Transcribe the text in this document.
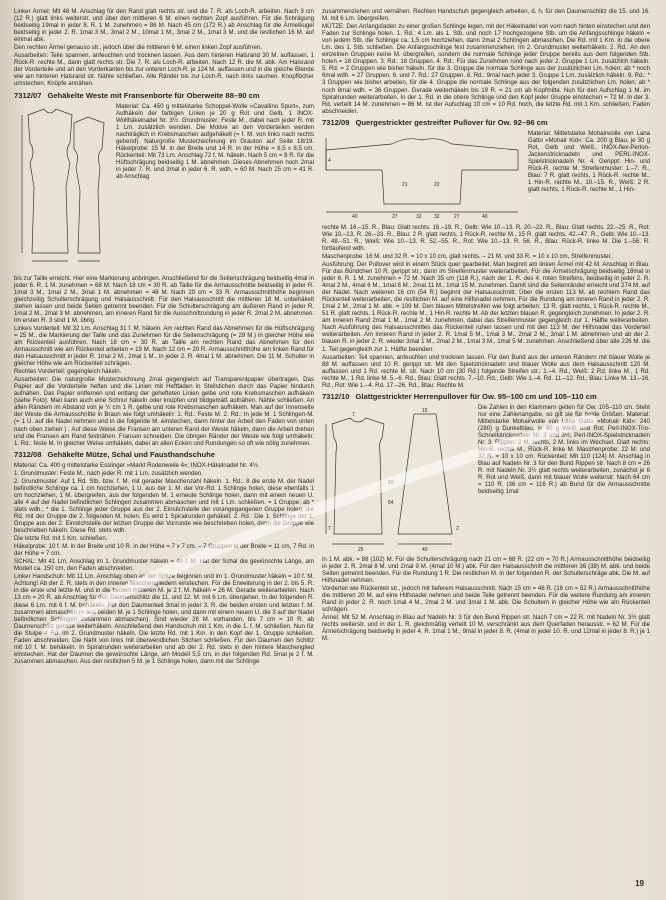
Linker Ärmel: Mit 48 M. Anschlag für den Rand glatt rechts str. und die 7. R. als Loch-R. arbeiten. Nach 3 cm (12 R.) glatt links weiterstr. und über den mittleren 6 M. einen rechten Zopf ausführen. Für die Schrägung beidseitig 19mal in jeder 8. R. 1 M. zunehmen = 86 M. Nach 45 cm (172 R.) ab Anschlag für die Ärmelkugel beidseitig in jeder 2. R. 1mal 3 M., 3mal 2 M., 10mal 1 M., 3mal 2 M., 1mal 3 M. und die restlichen 16 M. auf einmal abk.

Den rechten Ärmel genauso str., jedoch über die mittleren 6 M. einen linken Zopf ausführen.

Ausarbeiten: Teile spannen, anfeuchten und trocknen lassen. Aus dem hinteren Halsrand 30 M. auffassen, 1 Rück-R. rechte M., dann glatt rechts str. Die 7. R. als Loch-R. arbeiten. Nach 12 R. die M. abk. Am Halsrand der Vorderteile und an den Vorderkanten bis zur unteren Loch-R. je 124 M. auffassen und in die gleiche Blende wie am hinteren Halsrand str. Nähte schließen. Alle Ränder bis zur Loch-R. nach links saumen. Knopflöcher umstechen. Knöpfe annähen.

7312/07 Gehäkelte Weste mit Fransenborte für Oberweite 88–90 cm
Material: Ca. 450 g mittelstarke Schoppel-Wolle »Cavallino Sport«, zum Aufhäkeln der farbigen Linien je 20 g Rot und Gelb, 1 INOX-Wollhäkelnadel Nr. 3½. Grundmuster: Feste M., dabei nach jeder R. mit 1 Lm. zusätzlich wenden. Die Motive an den Vorderteilen werden nachträglich in Krebsmaschen aufgehäkelt (= f. M. von links nach rechts gehend). Naturgroße Musterzeichnung im Grauton auf Seite 18/19. Häkelprobe: 15 M. in der Breite und 14 R. in der Höhe = 8,5 x 8,5 cm. Rückenteil: Mit 73 Lm. Anschlag 72 f. M. häkeln. Nach 5 cm = 8 R. für die Hüftschrägung beidseitig 1 M. abnehmen. Dieses Abnehmen noch 2mal in jeder 7. R. und 3mal in jeder 6. R. wdh. = 60 M. Nach 25 cm = 41 R. ab Anschlag

bis zur Taille erreicht. Hier eine Markierung anbringen. Anschließend für die Seitenschrägung beidseitig 4mal in jeder 6. R. 1 M. zunehmen = 68 M. Nach 18 cm = 30 R. ab Taille für die Armausschnitte beidseitig in jeder R. 1mal 3 M., 1mal 2 M., 3mal 1 M. abnehmen = 48 M. Nach 20 cm = 33 R. Armausschnitthöhe beginnen gleichzeitig Schulterschrägung und Halsausschnitt. Für den Halsausschnitt die mittleren 18 M. unbehäkelt stehen lassen und beide Seiten getrennt beenden. Für die Schulterschrägung am äußeren Rand in jeder R. 1mal 2 M., 2mal 3 M. abnehmen, am inneren Rand für die Ausschnittrundung in jeder R. 2mal 2 M. abnehmen. Im ersten R. 3 sind 1 M. übrig.

Linkes Vorderteil: Mit 32 Lm. Anschlag 31 f. M. häkeln. Am rechten Rand das Abnehmen für die Hüftschrägung = 25 M., die Markierung der Taille und das Zunehmen für die Seitenschrägung (= 29 M.) in gleicher Höhe wie am Rückenteil ausführen. Nach 18 cm = 30 R. ab Taille am rechten Rand das Abnehmen für den Armausschnitt wie am Rückenteil arbeiten = 19 M. Nach 12 cm = 20 R. Armausschnitthöhe am linken Rand für den Halsausschnitt in jeder R. 1mal 2 M., 2mal 1 M., in jeder 2. R. 4mal 1 M. abnehmen. Die 11 M. Schulter in gleicher Höhe wie am Rückenteil schrägen.

Rechtes Vorderteil: gegengleich häkeln.

Ausarbeiten: Die naturgroße Musterzeichnung 2mal gegengleich auf Transparentpapier übertragen. Das Papier auf die Vorderteile heften und die Linien mit Heftfaden in Steilstichen durch das Papier hindurch aufnähen. Das Papier entfernen und entlang der gehefteten Linien gelbe und rote Krebsmaschen aufhäkeln (siehe Foto). Man kann auch eine Schnur häkeln oder knüpfen und bildgemäß aufnähen. Nähte schließen. An allen Rändern im Abstand von je ½ cm 1 R. gelbe und rote Krebsmaschen aufhäkeln. Man auf der Innenseite der Weste die Armausschnitte in Braun wie folgt umhäkeln: 1. Rd.: Feste M. 2. Rd.: In jede M. 1 Schlingen-M. (= 1 U. auf die Nadel nehmen und in die folgende M. einstechen, dann hinter der Arbeit den Faden von unten nach oben ziehen ) . Auf diese Weise die Fransen am unteren Rand der Weste häkeln, dann die Arbeit drehen und die Fransen am Rand festnähen. Fransen schneiden. Die übrigen Ränder der Weste wie folgt umhäkeln: 1. Rd.: feste M. In gleicher Weise umhäkeln, dabei an allen Ecken und Rundungen so oft wie nötig zunehmen.

7312/08 Gehäkelte Mütze, Schal und Fausthandschuhe

Material: Ca. 400 g mittelstarke Esslinger »Markt Rodenweile 4«; INOX-Häkelnadel Nr. 4½.

1. Grundmuster: Feste M., nach jeder R. mit 1 Lm. zusätzlich wenden.

2. Grundmuster: Auf 1 Rd. Stb. bzw. f. M. mit gerader Maschenzahl häkeln. 1. Rd.: 8 die erste M. der Nadel befindliche Schlinge ca. 1 cm hochziehen, 1 U. aus der 1. M. der Vor-Rd. 1 Schlinge holen, diese ebenfalls 1 cm hochziehen, 1 M. übergreifen, aus der folgenden M. 1 erneute Schlinge holen, dann mit einem neuen U. alle 4 auf der Nadel befindlichen Schlingen zusammen abmaschen und mit 1 Lm. schließen. = 1 Gruppe; ab * stets wdh., * die 1. Schlinge jeder Gruppe aus der 2. Einstichstelle der vorangegangenen Gruppe holen, die Rd. mit der Gruppe die 2. folgenden M. holen. Es wird 1 Spiralrunden gehäkelt. 2. Rd.: Die 1. Schlinge der 1. Gruppe aus der 2. Einstichstelle der letzten Gruppe der Vorrunde wie beschrieben holen, dann die Gruppe wie beschrieben häkeln. Diese Rd. stets wdh.

Die letzte Rd. mit 1 Km. schließen.

Häkelprobe: 10 f. M. in der Breite und 10 R. in der Höhe = 7 x 7 cm. – 7 Gruppen in der Breite = 11 cm, 7 Rd. in der Höhe = 7 cm.

SCHAL: Mit 41 Lm. Anschlag im 1. Grundmuster häkeln = 40 f. M. Hat der Schal die gewünschte Länge, am Modell ca. 150 cm, den Faden abschneiden.

Linker Handschuh: Mit 11 Lm. Anschlag oben an der Spitze beginnen und im 1. Grundmuster häkeln = 10 f. M. Achtung! Ab der 2. R. stets in den inneren Maschengliedern einstechen. Für die Erweiterung in der 2. bis 5. R. in die erste und letzte M. und in die beiden mittleren M. je 2 f. M. häkeln = 26 M. Gerade weiterarbeiten. Nach 13 cm = 20 R. ab Anschlag für den Daumenschlitz die 11. und 12. M. mit 6 Lm. übergehen. In der folgenden R. diese 6 Lm. mit 6 f. M. behäkeln. Für den Daumenkeil 3mal in jeder 3. R. die beiden ersten und letzten f. M. zusammen abmaschen (= aus beiden M. je 1 Schlinge holen, und dann mit einem neuen U. die 3 auf der Nadel befindlichen Schlingen zusammen abmaschen). Sind wieder 26 M. vorhanden, bis 7 cm = 10 R. ab Daumenschlitz gerade weiterhäkeln. Anschließend den Handschuh mit 1 Km. in die 1. f. M. schließen. Nun für die Stulpe 4 Rd. im 2. Grundmuster häkeln. Die letzte Rd. mit 1 Km. in den Kopf der 1. Gruppe schließen. Faden abschneiden. Die Naht von links mit überwendlichen Stichen schließen. Für den Daumen den Schlitz mit 10 f. M. behäkeln. In Spiralrunden weiterarbeiten und ab der 2. Rd. stets in den hintere Maschenglied einstechen. Hat der Daumen die gewünschte Länge, am Modell 5,5 cm, in der folgenden Rd. 5mal je 2 f. M. zusammen abmaschen. Aus den restlichen 5 M. je 1 Schlinge holen, dann mit der Schlinge

zusammenziehen und vernähen. Rechten Handschuh gegengleich arbeiten, d. h. für den Daumenschlitz die 15. und 16. M. mit 6 Lm. übergreifen.

MÜTZE: Den Anfangsfaden zu einer großen Schlinge legen, mit der Häkelnadel von vorn nach hinten einstechen und den Faden zur Schlinge holen. 1. Rd.: 4 Lm. als 1. Stb. und noch 17 hochgezogene Stb. um die Anfangsschlinge häkeln = von jedem Stb. die Schlinge ca. 1,5 cm hochziehen, dann 2mal 2 Schlingen abmaschen. Die Rd. mit 1 Km. in die obere Lm. des 1. Stb. schließen. Die Anfangsschlinge fest zusammenziehen. Im 2. Grundmuster weiterhäkeln. 2. Rd.: An den einzelnen Gruppen keine M. übergreifen, sondern die normale Schlinge jeder Gruppe bereits aus dem folgenden Stb. holen = 18 Gruppen. 3. Rd.: 18 Gruppen. 4. Rd.: Für das Zunehmen rund nach jeder 2. Gruppe 1 Lm. zusätzlich häkeln. 5. Rd. = 2 Gruppen wie bisher häkeln, für die 3. Gruppe die normale Schlinge aus der zusätzlichen Lm. holen; ab * noch 6mal wdh. = 27 Gruppen. 6. und 7. Rd.: 27 Gruppen. 8. Rd.: 9mal nach jeder 3. Gruppe 1 Lm. zusätzlich häkeln. 9. Rd.: * 3 Gruppen wie bisher arbeiten, für die 4. Gruppe die normale Schlinge aus der folgenden zusätzlichen Lm. holen; ab * noch 8mal wdh. = 36 Gruppen. Gerade weiterhäkeln bis 19 R. = 21 cm ab Kopfmitte. Nun für den Aufschlag 1 M. im Spiralrunden weiterarbeiten. In der 1. Rd. in die obere Schlinge und den Kopf jeder Gruppe einstechen = 72 M. In der 3. Rd. verteilt 14 M. zunehmen = 86 M. Ist der Aufschlag 10 cm = 10 Rd. hoch, die letzte Rd. mit 1 Km. schließen, Faden abschneiden.

7312/09 Quergestrickter gestreifter Pullover für Ow. 92–96 cm
40	27	32 32	27	40
4
21	22
Material: Mittelstarke Mohairwolle von Lana Gatto »Mohair Kid«: Ca. 200 g Blau, je 30 g Rot, Gelb und Weiß, INOX-flex-Perlon-Jackenstricknadeln und PERL-INOX-Spielstricknadeln Nr. 4. Gerippt: Hin- und Rück-R. rechte M. Streifenmuster: 1.–7. R., Blau: 7 R. glatt rechts, 1 Rück-R. rechte M., 1 Hin-R. rechte M., 10.–15. R., Weiß: 2 R. glatt rechts, 1 Rück-R. rechte M., 1 Hin-

rechte M. 16.–15. R., Blau: Glatt rechts. 16.–19. R., Gelb: Wie 10.–13. R. 20.–22. R., Blau: Glatt rechts. 22.–25. R., Rot: Wie 10.–13. R. 26.–33. R., Blau: 2 R. glatt rechts, 1 Rück-R. rechte M., 15 R. glatt rechts. 42.–47. R., Gelb: Wie 10.–13. R. 48.–51. R., Weiß: Wie 10.–13. R. 52.–55. R., Rot: Wie 10.–13. R. 56. R., Blau: Rück-R. linke M. Die 1.–56. R. fortlaufend wdh.

Maschenprobe: 16 M. und 32 R. = 10 x 10 cm, glatt rechts. – 21 M. und 33 R. = 10 x 10 cm, Streifenmuster.

Ausführung: Der Pullover wird in einem Stück quer gearbeitet. Man beginnt am linken Ärmel mit 42 M. Anschlag in Blau. Für das Bündchen 10 R. gerippt str., dann im Streifenmuster weiterarbeiten. Für die Ärmelschrägung beidseitig 18mal in jeder 6. R. 1 M. zunehmen = 72 M. Nach 35 cm (118 R.), nach der 1. R. des 4. roten Streifens, beidseitig in jeder 2. R. 4mal 2 M., 4mal 6 M., 1mal 8 M., 2mal 11 M., 1mal 15 M. zunehmen. Damit sind die Seitenränder erreicht und 274 M. auf der Nadel. Nach weiteren 16 cm (54 R.) beginnt der Halsausschnitt. Über die ersten 113 M. ab rechtem Rand das Rückenteil weiterarbeiten, die restlichen M. auf eine Hilfsnadel nehmen. Für die Rundung am inneren Rand in jeder 2. R. 1mal 2 M., 2mal 1 M. abk. = 109 M. Den blauen Mittelstreifen wie folgt arbeiten: 13 R. glatt rechts, 1 Rück-R. rechte M., 51 R. glatt rechts, 1 Rück-R. rechte M., 1 Hin-R. rechte M. Ab der letzten blauen R. gegengleich zunehmen. In jeder 2. R. am inneren Rand 2mal 1 M., 1mal 2 M. zunehmen, dabei das Streifenmuster gegengleich zur 1. Hälfte weiterarbeiten. Nach Ausführung des Halsausschnittes das Rückenteil ruhen lassen und mit den 113 M. der Hilfsnadel das Vorderteil weiterarbeiten. Am inneren Rand in jeder 2. R. 1mal 5 M., 1mal 3 M., 2mal 2 M., 3mal 1 M. abnehmen und ab der 2. blauen R. in jeder 2. R. wieder 3mal 1 M., 2mal 2 M., 1mal 3 M., 1mal 5 M. zunehmen. Anschließend über alle 226 M. die 1. Teil gegengleich zur 1. Hälfte beenden.

Ausarbeiten: Teil spannen, anfeuchten und trocknen lassen. Für den Bund aus der unteren Rändern mit blauer Wolle je 88 M. auffassen und 10 R. gerippt str. Mit den Spielstricknadeln und blauer Wolle aus dem Halsausschnitt 120 M. auffassen und 1 Rd. rechte M. str. Nach 10 cm (30 Rd.) folgende Streifen str.: 1.–4. Rd., Weiß: 2 Rd. linke M., 1 Rd. rechte M., 1 Rd. linke M. 5.–6. Rd., Blau: Glatt rechts. 7.–10. Rd., Gelb: Wie 1.–4. Rd. 11.–12. Rd., Blau: Linke M. 13.–16. Rd., Rot: Wie 1.–4. Rd. 17.–26. Rd., Blau: Rechte M.

7312/10 Glattgestrickter Herrenpullover für Ow. 95–100 cm und 105–110 cm
7
15
25	40
50
64
7	2
Die Zahlen in den Klammern gelten für Ow. 105–110 cm. Steht nur eine Zahlenangabe, so gilt sie für beide Größen. Material: Mittelstarke Mohairwolle von Lana Gatto »Mohair Kid«: 240 (280) g Dunkelblau, je 40 g Weiß und Rot; Perl-INOX-Trio-Schnellstricknadeln Nr. 3 und 3½; Perl-INOX-Spielstricknadeln Nr. 3. Rippen: 2 M. rechts, 2 M. links im Wechsel. Glatt rechts: Hin-R. rechte M., Rück-R. linke M. Maschenprobe: 22 M. und 32 R. = 10 x 10 cm. Rückenteil: Mit 110 (124) M. Anschlag in Blau auf Nadeln Nr. 3 für den Bund Rippen str. Nach 8 cm = 26 R. mit Nadeln Nr. 3½ glatt rechts weiterarbeiten, zunächst je 6 R. Rot und Weiß, dann mit blauer Wolle weiterstr. Nach 64 cm = 110 R. (36 cm = 116 R.) ab Bund für die Armausschnitte beidseitig 1mal

in 1 M. abk. = 88 (102) M. Für die Schulterschrägung nach 21 cm = 68 R. (22 cm = 70 R.) Armausschnitthöhe beidseitig in jeder 2. R. 2mal 8 M. und 2mal 9 M. (4mal 10 M.) abk. Für den Halsausschnitt die mittleren 36 (38) M. abk. und beide Seiten getrennt beenden. Für die Rundung 1 R. Die restlichen M. in der folgenden R. der Schulterschräge abk. Die M. auf Hilfsnadel nehmen.

Vorderteil wie Rückenteil str., jedoch mit tieferem Halsausschnitt. Nach 15 cm = 48 R. (16 cm = 52 R.) Armausschnitthöhe die mittleren 20 M. auf eine Hilfsnadel nehmen und beide Teile getrennt beenden. Für die weitere Rundung am inneren Rand in jeder 2. R. noch 1mal 4 M., 2mal 2 M. und 3mal 1 M. abk. Die Schultern in gleicher Höhe wie am Rückenteil schrägen.

Ärmel: Mit 52 M. Anschlag in Blau auf Nadeln Nr. 3 für den Bund Rippen str. Nach 7 cm = 22 R. mit Nadeln Nr. 3½ glatt rechts weiterstr. und in der 1. R. gleichmäßig verteilt 10 M. verschränkt aus dem Querfaden herausstr. = 62 M. Für die Ärmelschrägung beidseitig in jeder 4. R. 1mal 1 M., 9mal in jeder 8. R. (4mal in jeder 10. R. und 12mal in jeder 8. R.) je 1 M.

19
